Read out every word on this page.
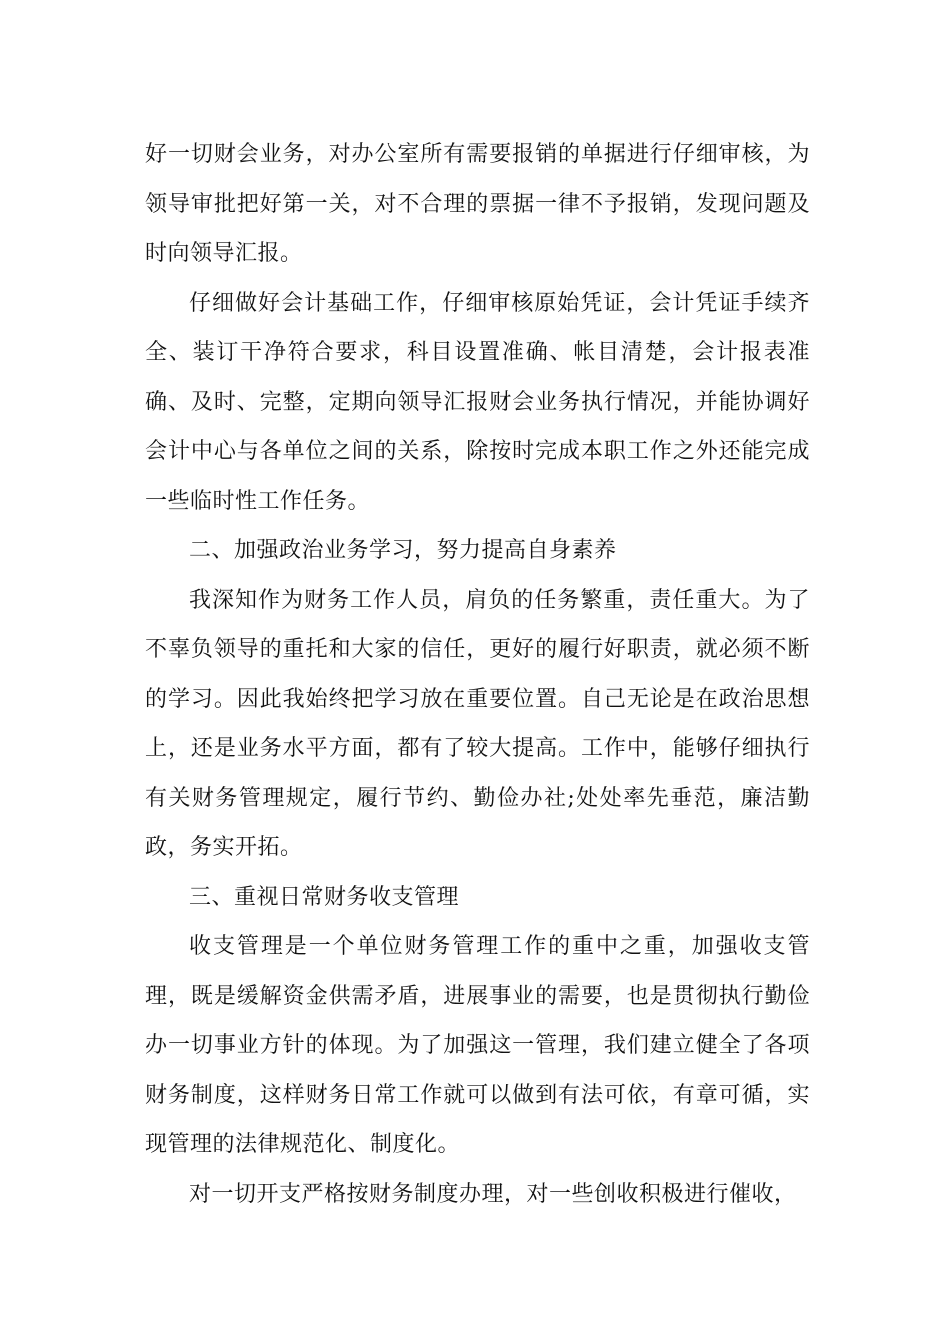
好一切财会业务，对办公室所有需要报销的单据进行仔细审核，为领导审批把好第一关，对不合理的票据一律不予报销，发现问题及时向领导汇报。

仔细做好会计基础工作，仔细审核原始凭证，会计凭证手续齐全、装订干净符合要求，科目设置准确、帐目清楚，会计报表准确、及时、完整，定期向领导汇报财会业务执行情况，并能协调好会计中心与各单位之间的关系，除按时完成本职工作之外还能完成一些临时性工作任务。

二、加强政治业务学习，努力提高自身素养

我深知作为财务工作人员，肩负的任务繁重，责任重大。为了不辜负领导的重托和大家的信任，更好的履行好职责，就必须不断的学习。因此我始终把学习放在重要位置。自己无论是在政治思想上，还是业务水平方面，都有了较大提高。工作中，能够仔细执行有关财务管理规定，履行节约、勤俭办社;处处率先垂范，廉洁勤政，务实开拓。

三、重视日常财务收支管理

收支管理是一个单位财务管理工作的重中之重，加强收支管理，既是缓解资金供需矛盾，进展事业的需要，也是贯彻执行勤俭办一切事业方针的体现。为了加强这一管理，我们建立健全了各项财务制度，这样财务日常工作就可以做到有法可依，有章可循，实现管理的法律规范化、制度化。

对一切开支严格按财务制度办理，对一些创收积极进行催收，
